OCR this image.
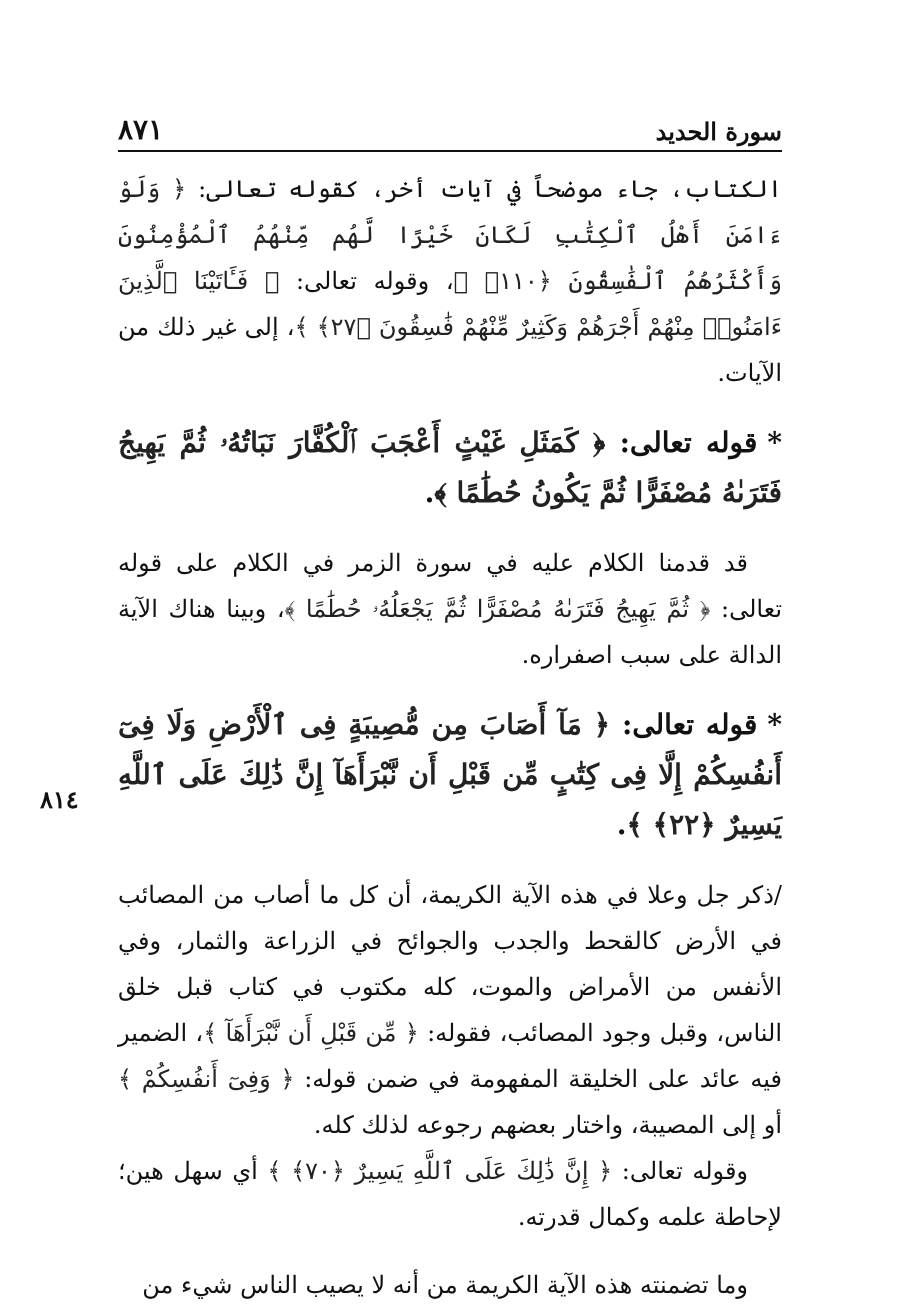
سورة الحديد
٨٧١
٨١٤

الكتاب، جاء موضحاً في آيات أخر، كقوله تعالى: ﴿ وَلَوْ ءَامَنَ أَهْلُ ٱلْكِتَٰبِ لَكَانَ خَيْرًا لَّهُم مِّنْهُمُ ٱلْمُؤْمِنُونَ وَأَكْثَرُهُمُ ٱلْفَٰسِقُونَ ﴿١١٠﴾ ﴾، وقوله تعالى: ﴿ فَـَٔاتَيْنَا ٱلَّذِينَ ءَامَنُوا۟ مِنْهُمْ أَجْرَهُمْ وَكَثِيرٌ مِّنْهُمْ فَٰسِقُونَ ﴿٢٧﴾ ﴾، إلى غير ذلك من الآيات.

*قوله تعالى: ﴿ كَمَثَلِ غَيْثٍ أَعْجَبَ ٱلْكُفَّارَ نَبَاتُهُۥ ثُمَّ يَهِيجُ فَتَرَىٰهُ مُصْفَرًّا ثُمَّ يَكُونُ حُطَٰمًا ﴾.

قد قدمنا الكلام عليه في سورة الزمر في الكلام على قوله تعالى: ﴿ ثُمَّ يَهِيجُ فَتَرَىٰهُ مُصْفَرًّا ثُمَّ يَجْعَلُهُۥ حُطَٰمًا ﴾، وبينا هناك الآية الدالة على سبب اصفراره.

*قوله تعالى: ﴿ مَآ أَصَابَ مِن مُّصِيبَةٍ فِى ٱلْأَرْضِ وَلَا فِىٓ أَنفُسِكُمْ إِلَّا فِى كِتَٰبٍ مِّن قَبْلِ أَن نَّبْرَأَهَآ إِنَّ ذَٰلِكَ عَلَى ٱللَّهِ يَسِيرٌ ﴿٢٢﴾ ﴾.

/ذكر جل وعلا في هذه الآية الكريمة، أن كل ما أصاب من المصائب في الأرض كالقحط والجدب والجوائح في الزراعة والثمار، وفي الأنفس من الأمراض والموت، كله مكتوب في كتاب قبل خلق الناس، وقبل وجود المصائب، فقوله: ﴿ مِّن قَبْلِ أَن نَّبْرَأَهَآ ﴾، الضمير فيه عائد على الخليقة المفهومة في ضمن قوله: ﴿ وَفِىٓ أَنفُسِكُمْ ﴾ أو إلى المصيبة، واختار بعضهم رجوعه لذلك كله.

وقوله تعالى: ﴿ إِنَّ ذَٰلِكَ عَلَى ٱللَّهِ يَسِيرٌ ﴿٧٠﴾ ﴾ أي سهل هين؛ لإحاطة علمه وكمال قدرته.

وما تضمنته هذه الآية الكريمة من أنه لا يصيب الناس شيء من
